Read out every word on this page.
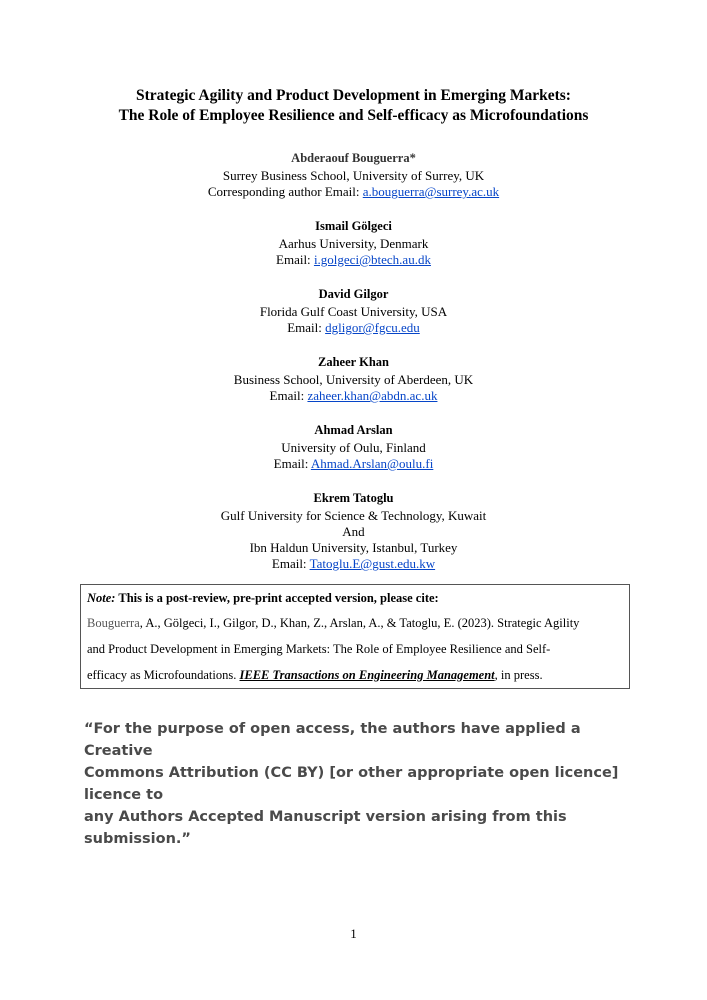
Strategic Agility and Product Development in Emerging Markets:
The Role of Employee Resilience and Self-efficacy as Microfoundations
Abderaouf Bouguerra*
Surrey Business School, University of Surrey, UK
Corresponding author Email: a.bouguerra@surrey.ac.uk
Ismail Gölgeci
Aarhus University, Denmark
Email: i.golgeci@btech.au.dk
David Gilgor
Florida Gulf Coast University, USA
Email: dgligor@fgcu.edu
Zaheer Khan
Business School, University of Aberdeen, UK
Email: zaheer.khan@abdn.ac.uk
Ahmad Arslan
University of Oulu, Finland
Email: Ahmad.Arslan@oulu.fi
Ekrem Tatoglu
Gulf University for Science & Technology, Kuwait
And
Ibn Haldun University, Istanbul, Turkey
Email: Tatoglu.E@gust.edu.kw
Note: This is a post-review, pre-print accepted version, please cite:
Bouguerra, A., Gölgeci, I., Gilgor, D., Khan, Z., Arslan, A., & Tatoglu, E. (2023). Strategic Agility
and Product Development in Emerging Markets: The Role of Employee Resilience and Self-
efficacy as Microfoundations. IEEE Transactions on Engineering Management, in press.
“For the purpose of open access, the authors have applied a Creative
Commons Attribution (CC BY) [or other appropriate open licence] licence to
any Authors Accepted Manuscript version arising from this submission.”
1
